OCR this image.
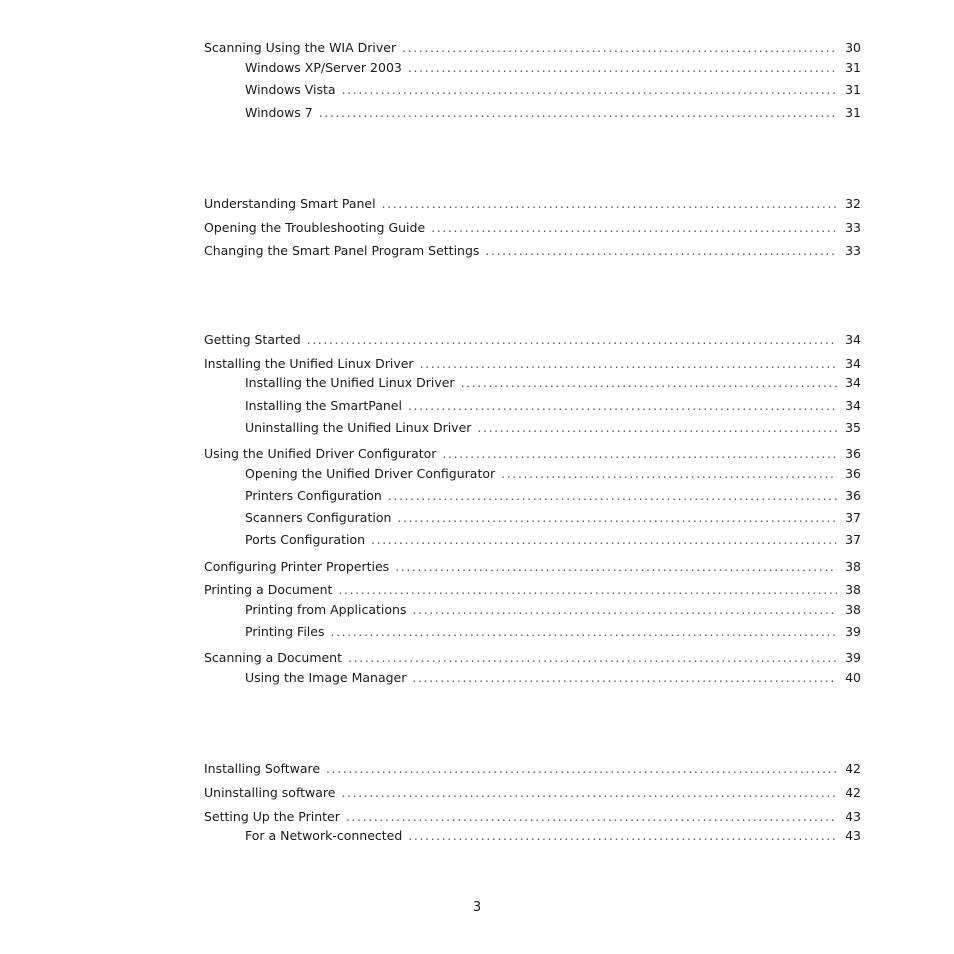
Scanning Using the WIA Driver .....	30
Windows XP/Server 2003 .....	31
Windows Vista .....	31
Windows 7 .....	31
Understanding Smart Panel .....	32
Opening the Troubleshooting Guide .....	33
Changing the Smart Panel Program Settings .....	33
Getting Started .....	34
Installing the Unified Linux Driver .....	34
Installing the Unified Linux Driver .....	34
Installing the SmartPanel .....	34
Uninstalling the Unified Linux Driver .....	35
Using the Unified Driver Configurator .....	36
Opening the Unified Driver Configurator .....	36
Printers Configuration .....	36
Scanners Configuration .....	37
Ports Configuration .....	37
Configuring Printer Properties .....	38
Printing a Document .....	38
Printing from Applications .....	38
Printing Files .....	39
Scanning a Document .....	39
Using the Image Manager .....	40
Installing Software .....	42
Uninstalling software .....	42
Setting Up the Printer .....	43
For a Network-connected .....	43
3
